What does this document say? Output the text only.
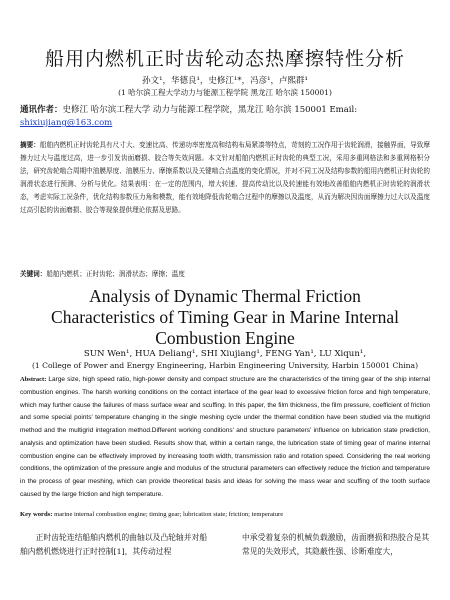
船用内燃机正时齿轮动态热摩擦特性分析
孙文¹，华德良¹，史修江¹*，冯彦¹，卢熙群¹
(1 哈尔滨工程大学动力与能源工程学院 黑龙江 哈尔滨 150001)
通讯作者：史修江 哈尔滨工程大学 动力与能源工程学院，黑龙江 哈尔滨 150001 Email: shixiujiang@163.com
摘要：船舶内燃机正时齿轮具有尺寸大、变速比高、传递功率密度高和结构布局紧凑等特点，苛刻的工况作用于齿轮润滑，接触界面，导致摩擦力过大与温度过高，进一步引发齿面磨损、胶合等失效问题。本文针对船舶内燃机正时齿轮的典型工况，采用多重网格法和多重网格积分法，研究齿轮啮合周期中油膜厚度、油膜压力、摩擦系数以及关键啮合点温度的变化情况，并对不同工况及结构参数的船用内燃机正时齿轮的润滑状态进行预测、分析与优化。结果表明：在一定的范围内，增大转速、提高传动比以及转速能有效地改善船舶内燃机正时齿轮的润滑状态，考虑实际工况条件，优化结构参数压力角和模数，能有效地降低齿轮啮合过程中的摩擦以及温度，从而为解决因齿面摩擦力过大以及温度过高引起的齿面磨损、胶合等现象提供理论依据及思路。
关键词：船舶内燃机；正时齿轮；润滑状态；摩擦；温度
Analysis of Dynamic Thermal Friction
Characteristics of Timing Gear in Marine Internal
Combustion Engine
SUN Wen¹, HUA Deliang¹, SHI Xiujiang¹, FENG Yan¹, LU Xiqun¹,
(1 College of Power and Energy Engineering, Harbin Engineering University, Harbin 150001 China)
Abstract: Large size, high speed ratio, high-power density and compact structure are the characteristics of the timing gear of the ship internal combustion engines. The harsh working conditions on the contact interface of the gear lead to excessive friction force and high temperature, which may further cause the failures of mass surface wear and scuffing. In this paper, the film thickness, the film pressure, coefficient of friction and some special points' temperature changing in the single meshing cycle under the thermal condition have been studied via the multigrid method and the multigrid integration method.Different working conditions' and structure parameters' influence on lubrication state prediction, analysis and optimization have been studied. Results show that, within a certain range, the lubrication state of timing gear of marine internal combustion engine can be effectively improved by increasing tooth width, transmission ratio and rotation speed. Considering the real working conditions, the optimization of the pressure angle and modulus of the structural parameters can effectively reduce the friction and temperature in the process of gear meshing, which can provide theoretical basis and ideas for solving the mass wear and scuffing of the tooth surface caused by the large friction and high temperature.
Key words: marine internal combustion engine; timing gear; lubrication state; friction; temperature
正时齿轮连结船舶内燃机的曲轴以及凸轮轴并对船舶内燃机燃烧进行正时控制[1]，其传动过程
中承受着复杂的机械负载激励，齿面磨损和热胶合是其常见的失效形式，其隐蔽性强、诊断难度大，
